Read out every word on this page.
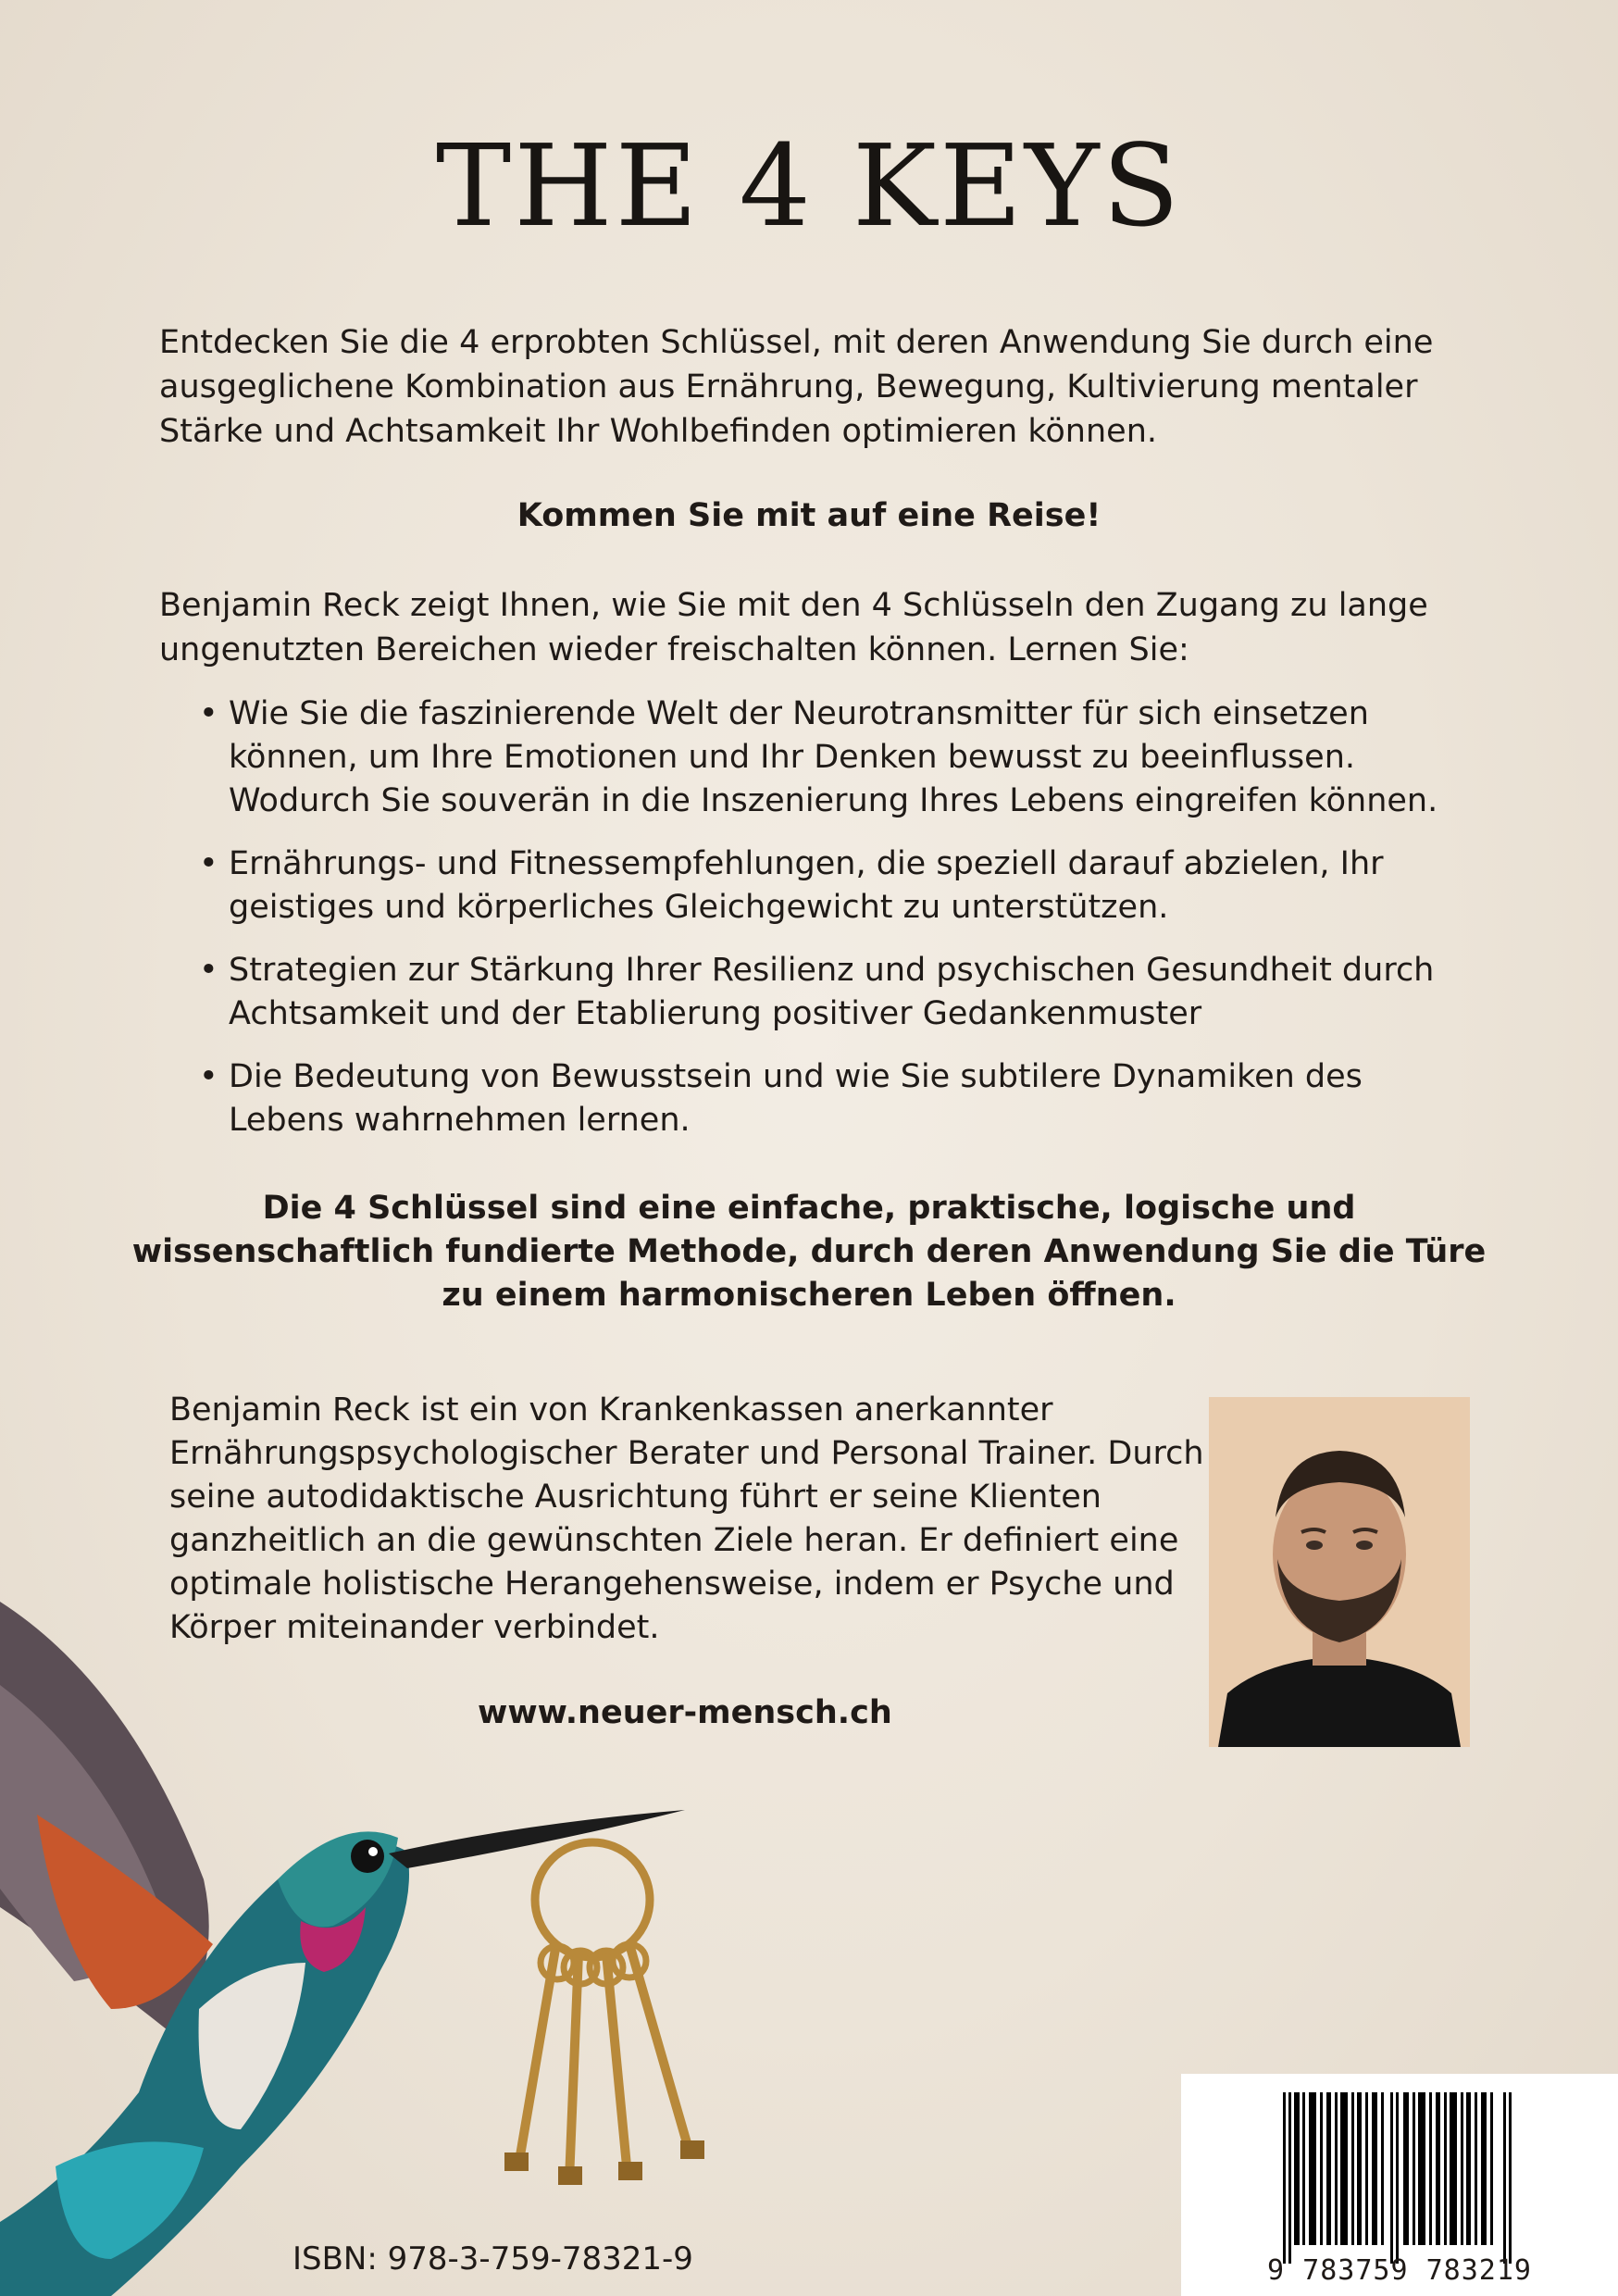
THE 4 KEYS

Entdecken Sie die 4 erprobten Schlüssel, mit deren Anwendung Sie durch eine ausgeglichene Kombination aus Ernährung, Bewegung, Kultivierung mentaler Stärke und Achtsamkeit Ihr Wohlbefinden optimieren können.

Kommen Sie mit auf eine Reise!

Benjamin Reck zeigt Ihnen, wie Sie mit den 4 Schlüsseln den Zugang zu lange ungenutzten Bereichen wieder freischalten können. Lernen Sie:

• Wie Sie die faszinierende Welt der Neurotransmitter für sich einsetzen können, um Ihre Emotionen und Ihr Denken bewusst zu beeinflussen. Wodurch Sie souverän in die Inszenierung Ihres Lebens eingreifen können.
• Ernährungs- und Fitnessempfehlungen, die speziell darauf abzielen, Ihr geistiges und körperliches Gleichgewicht zu unterstützen.
• Strategien zur Stärkung Ihrer Resilienz und psychischen Gesundheit durch Achtsamkeit und der Etablierung positiver Gedankenmuster
• Die Bedeutung von Bewusstsein und wie Sie subtilere Dynamiken des Lebens wahrnehmen lernen.

Die 4 Schlüssel sind eine einfache, praktische, logische und wissenschaftlich fundierte Methode, durch deren Anwendung Sie die Türe zu einem harmonischeren Leben öffnen.

Benjamin Reck ist ein von Krankenkassen anerkannter Ernährungspsychologischer Berater und Personal Trainer. Durch seine autodidaktische Ausrichtung führt er seine Klienten ganzheitlich an die gewünschten Ziele heran. Er definiert eine optimale holistische Herangehensweise, indem er Psyche und Körper miteinander verbindet.

www.neuer-mensch.ch

ISBN: 978-3-759-78321-9	9 783759 783219
